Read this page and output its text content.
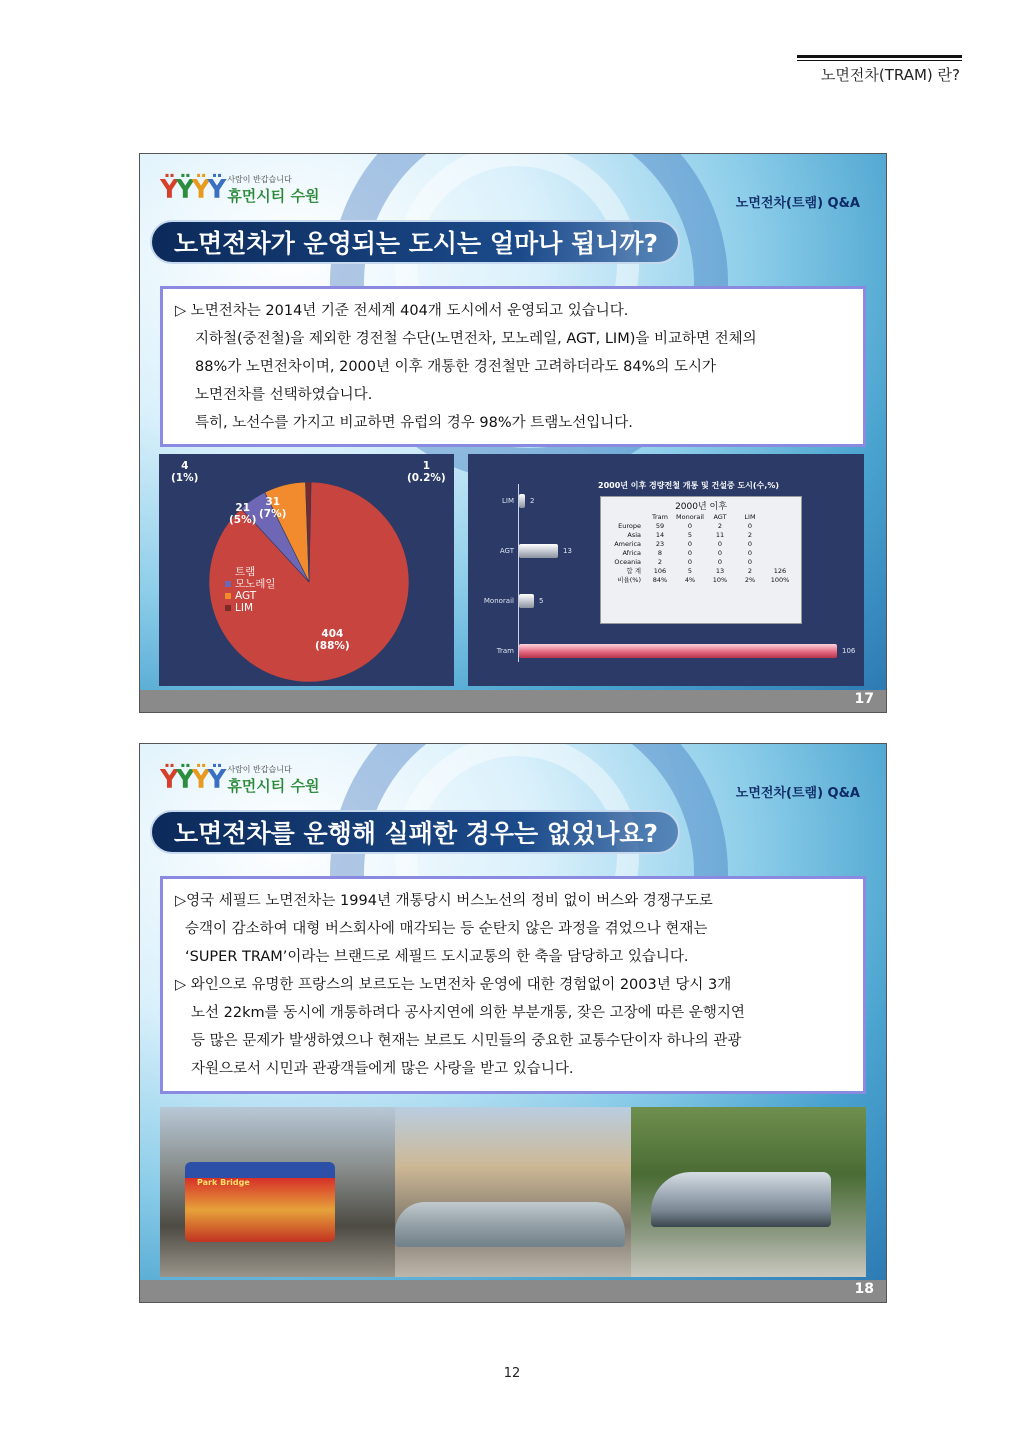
노면전차(TRAM) 란?
ΫΫΫΫ 사람이 반갑습니다
휴먼시티 수원	노면전차(트램) Q&A
노면전차가 운영되는 도시는 얼마나 됩니까?

▷ 노면전차는 2014년 기준 전세계 404개 도시에서 운영되고 있습니다.

지하철(중전철)을 제외한 경전철 수단(노면전차, 모노레일, AGT, LIM)을 비교하면 전체의

88%가 노면전차이며, 2000년 이후 개통한 경전철만 고려하더라도 84%의 도시가

노면전차를 선택하였습니다.

특히, 노선수를 가지고 비교하면 유럽의 경우 98%가 트램노선입니다.

4
(1%)
1
(0.2%)
21
(5%)
31
(7%)
404
(88%)
트램
모노레일
AGT
LIM
2000년 이후 경량전철 개통 및 건설중 도시(수,%)
LIM 2
AGT	13
Monorail	5
Tram	106
2000년 이후
	Tram	Monorail	AGT	LIM	
Europe	59	0	2	0	
Asia	14	5	11	2	
America	23	0	0	0	
Africa	8	0	0	0	
Oceania	2	0	0	0	
합 계	106	5	13	2	126
비율(%)	84%	4%	10%	2%	100%
17
ΫΫΫΫ 사람이 반갑습니다
휴먼시티 수원	노면전차(트램) Q&A
노면전차를 운행해 실패한 경우는 없었나요?

▷영국 세필드 노면전차는 1994년 개통당시 버스노선의 정비 없이 버스와 경쟁구도로

승객이 감소하여 대형 버스회사에 매각되는 등 순탄치 않은 과정을 겪었으나 현재는

‘SUPER TRAM’이라는 브랜드로 세필드 도시교통의 한 축을 담당하고 있습니다.

▷ 와인으로 유명한 프랑스의 보르도는 노면전차 운영에 대한 경험없이 2003년 당시 3개

노선 22km를 동시에 개통하려다 공사지연에 의한 부분개통, 잦은 고장에 따른 운행지연

등 많은 문제가 발생하였으나 현재는 보르도 시민들의 중요한 교통수단이자 하나의 관광

자원으로서 시민과 관광객들에게 많은 사랑을 받고 있습니다.

Park Bridge
18
12
